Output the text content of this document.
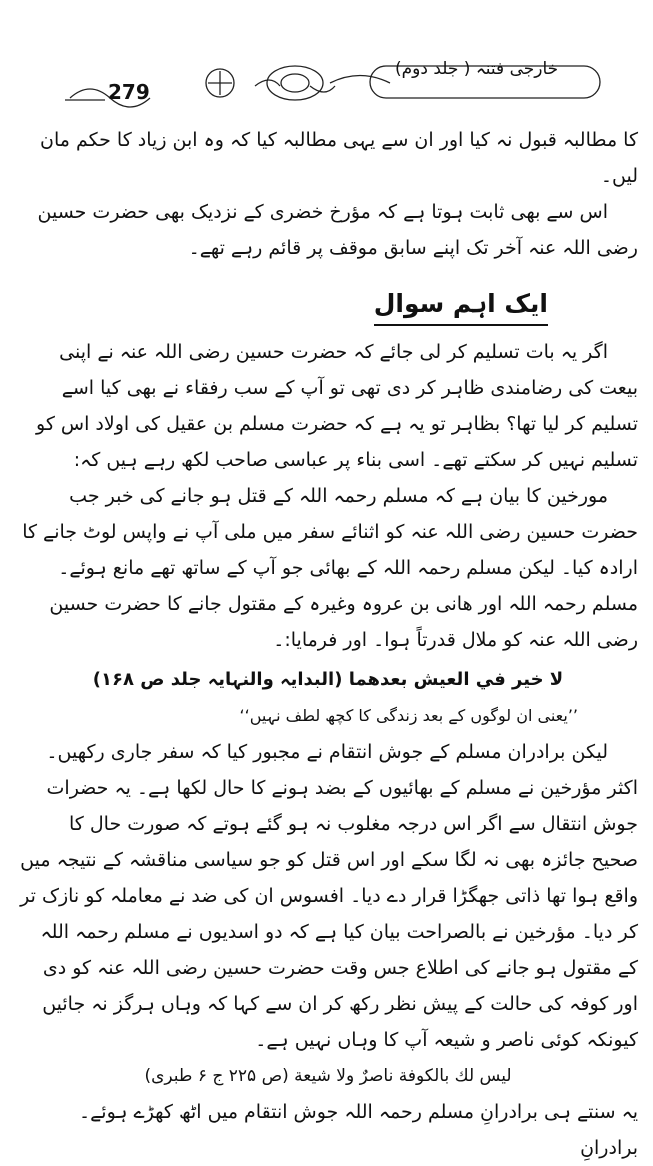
279
خارجی فتنہ ( جلد دوم)

کا مطالبہ قبول نہ کیا اور ان سے یہی مطالبہ کیا کہ وہ ابن زیاد کا حکم مان لیں۔

اس سے بھی ثابت ہوتا ہے کہ مؤرخ خضری کے نزدیک بھی حضرت حسین رضی اللہ عنہ آخر تک اپنے سابق موقف پر قائم رہے تھے۔

ایک اہم سوال

اگر یہ بات تسلیم کر لی جائے کہ حضرت حسین رضی اللہ عنہ نے اپنی بیعت کی رضامندی ظاہر کر دی تھی تو آپ کے سب رفقاء نے بھی کیا اسے تسلیم کر لیا تھا؟ بظاہر تو یہ ہے کہ حضرت مسلم بن عقیل کی اولاد اس کو تسلیم نہیں کر سکتے تھے۔ اسی بناء پر عباسی صاحب لکھ رہے ہیں کہ:

مورخین کا بیان ہے کہ مسلم رحمہ اللہ کے قتل ہو جانے کی خبر جب حضرت حسین رضی اللہ عنہ کو اثنائے سفر میں ملی آپ نے واپس لوٹ جانے کا ارادہ کیا۔ لیکن مسلم رحمہ اللہ کے بھائی جو آپ کے ساتھ تھے مانع ہوئے۔ مسلم رحمہ اللہ اور ھانی بن عروہ وغیرہ کے مقتول جانے کا حضرت حسین رضی اللہ عنہ کو ملال قدرتاً ہوا۔ اور فرمایا:۔

لا خير في العيش بعدهما (البدایہ والنہایہ جلد ص ۱۶۸)

’’یعنی ان لوگوں کے بعد زندگی کا کچھ لطف نہیں‘‘

لیکن برادران مسلم کے جوش انتقام نے مجبور کیا کہ سفر جاری رکھیں۔ اکثر مؤرخین نے مسلم کے بھائیوں کے بضد ہونے کا حال لکھا ہے۔ یہ حضرات جوش انتقال سے اگر اس درجہ مغلوب نہ ہو گئے ہوتے کہ صورت حال کا صحیح جائزہ بھی نہ لگا سکے اور اس قتل کو جو سیاسی مناقشہ کے نتیجہ میں واقع ہوا تھا ذاتی جھگڑا قرار دے دیا۔ افسوس ان کی ضد نے معاملہ کو نازک تر کر دیا۔ مؤرخین نے بالصراحت بیان کیا ہے کہ دو اسدیوں نے مسلم رحمہ اللہ کے مقتول ہو جانے کی اطلاع جس وقت حضرت حسین رضی اللہ عنہ کو دی اور کوفہ کی حالت کے پیش نظر رکھ کر ان سے کہا کہ وہاں ہرگز نہ جائیں کیونکہ کوئی ناصر و شیعہ آپ کا وہاں نہیں ہے۔

ليس لك بالكوفة ناصرٌ ولا شيعة (ص ۲۲۵ ج ۶ طبری)

یہ سنتے ہی برادرانِ مسلم رحمہ اللہ جوش انتقام میں اٹھ کھڑے ہوئے۔ برادرانِ
